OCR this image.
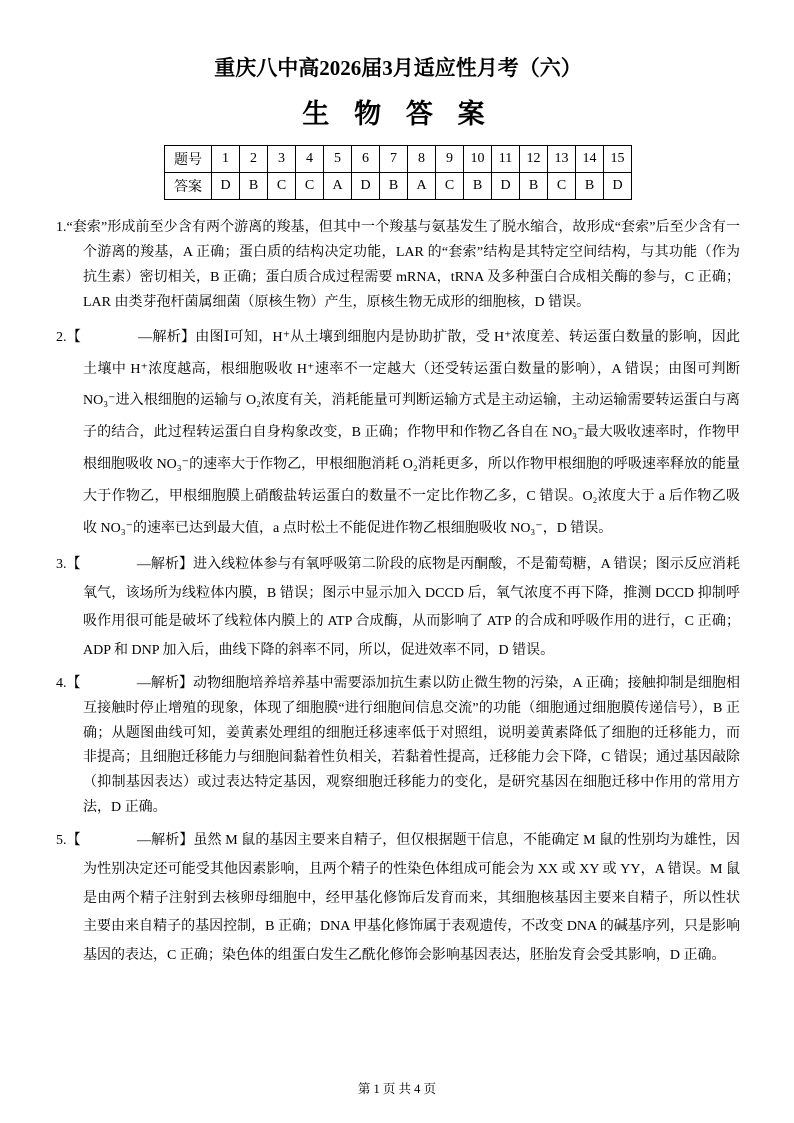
重庆八中高2026届3月适应性月考（六）
生 物 答 案
题号	1	2	3	4	5	6	7	8	9	10	11	12	13	14	15
答案	D	B	C	C	A	D	B	A	C	B	D	B	C	B	D

1.“套索”形成前至少含有两个游离的羧基，但其中一个羧基与氨基发生了脱水缩合，故形成“套索”后至少含有一个游离的羧基，A 正确；蛋白质的结构决定功能，LAR 的“套索”结构是其特定空间结构，与其功能（作为抗生素）密切相关，B 正确；蛋白质合成过程需要 mRNA，tRNA 及多种蛋白合成相关酶的参与，C 正确；LAR 由类芽孢杆菌属细菌（原核生物）产生，原核生物无成形的细胞核，D 错误。

2.【　　　　—解析】由图Ⅰ可知，H⁺从土壤到细胞内是协助扩散，受 H⁺浓度差、转运蛋白数量的影响，因此土壤中 H⁺浓度越高，根细胞吸收 H⁺速率不一定越大（还受转运蛋白数量的影响），A 错误；由图可判断 NO₃⁻进入根细胞的运输与 O₂浓度有关，消耗能量可判断运输方式是主动运输，主动运输需要转运蛋白与离子的结合，此过程转运蛋白自身构象改变，B 正确；作物甲和作物乙各自在 NO₃⁻最大吸收速率时，作物甲根细胞吸收 NO₃⁻的速率大于作物乙，甲根细胞消耗 O₂消耗更多，所以作物甲根细胞的呼吸速率释放的能量大于作物乙，甲根细胞膜上硝酸盐转运蛋白的数量不一定比作物乙多，C 错误。O₂浓度大于 a 后作物乙吸收 NO₃⁻的速率已达到最大值，a 点时松土不能促进作物乙根细胞吸收 NO₃⁻，D 错误。

3.【　　　　—解析】进入线粒体参与有氧呼吸第二阶段的底物是丙酮酸，不是葡萄糖，A 错误；图示反应消耗氧气，该场所为线粒体内膜，B 错误；图示中显示加入 DCCD 后，氧气浓度不再下降，推测 DCCD 抑制呼吸作用很可能是破坏了线粒体内膜上的 ATP 合成酶，从而影响了 ATP 的合成和呼吸作用的进行，C 正确；ADP 和 DNP 加入后，曲线下降的斜率不同，所以，促进效率不同，D 错误。

4.【　　　　—解析】动物细胞培养培养基中需要添加抗生素以防止微生物的污染，A 正确；接触抑制是细胞相互接触时停止增殖的现象，体现了细胞膜“进行细胞间信息交流”的功能（细胞通过细胞膜传递信号），B 正确；从题图曲线可知，姜黄素处理组的细胞迁移速率低于对照组，说明姜黄素降低了细胞的迁移能力，而非提高；且细胞迁移能力与细胞间黏着性负相关，若黏着性提高，迁移能力会下降，C 错误；通过基因敲除（抑制基因表达）或过表达特定基因，观察细胞迁移能力的变化，是研究基因在细胞迁移中作用的常用方法，D 正确。

5.【　　　　—解析】虽然 M 鼠的基因主要来自精子，但仅根据题干信息，不能确定 M 鼠的性别均为雄性，因为性别决定还可能受其他因素影响，且两个精子的性染色体组成可能会为 XX 或 XY 或 YY，A 错误。M 鼠是由两个精子注射到去核卵母细胞中，经甲基化修饰后发育而来，其细胞核基因主要来自精子，所以性状主要由来自精子的基因控制，B 正确；DNA 甲基化修饰属于表观遗传，不改变 DNA 的碱基序列，只是影响基因的表达，C 正确；染色体的组蛋白发生乙酰化修饰会影响基因表达，胚胎发育会受其影响，D 正确。

第 1 页 共 4 页
